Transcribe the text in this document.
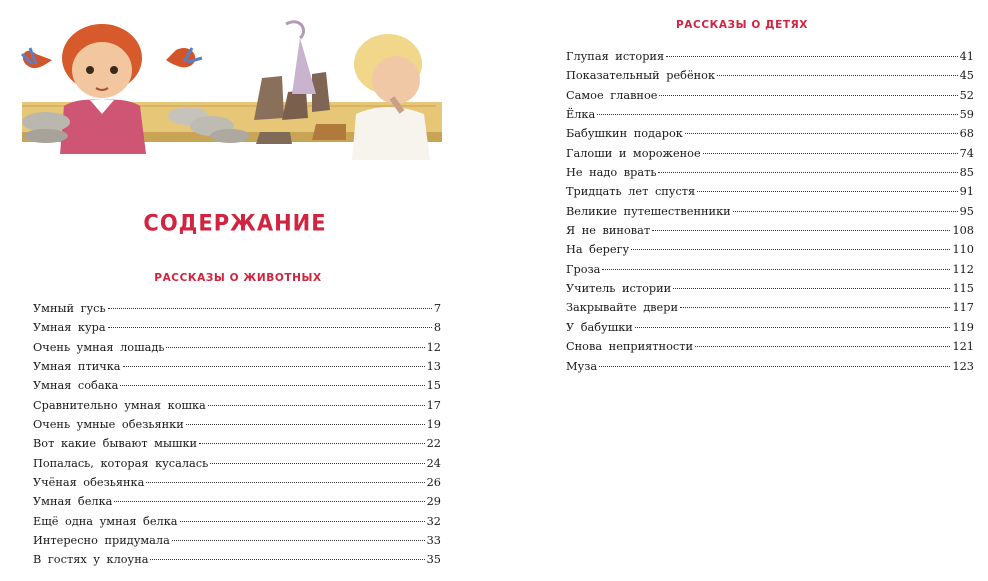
СОДЕРЖАНИЕ
РАССКАЗЫ О ЖИВОТНЫХ
Умный гусь	7
Умная кура	8
Очень умная лошадь	12
Умная птичка	13
Умная собака	15
Сравнительно умная кошка	17
Очень умные обезьянки	19
Вот какие бывают мышки	22
Попалась, которая кусалась	24
Учёная обезьянка	26
Умная белка	29
Ещё одна умная белка	32
Интересно придумала	33
В гостях у клоуна	35
РАССКАЗЫ О ДЕТЯХ
Глупая история	41
Показательный ребёнок	45
Самое главное	52
Ёлка	59
Бабушкин подарок	68
Галоши и мороженое	74
Не надо врать	85
Тридцать лет спустя	91
Великие путешественники	95
Я не виноват	108
На берегу	110
Гроза	112
Учитель истории	115
Закрывайте двери	117
У бабушки	119
Снова неприятности	121
Муза	123
